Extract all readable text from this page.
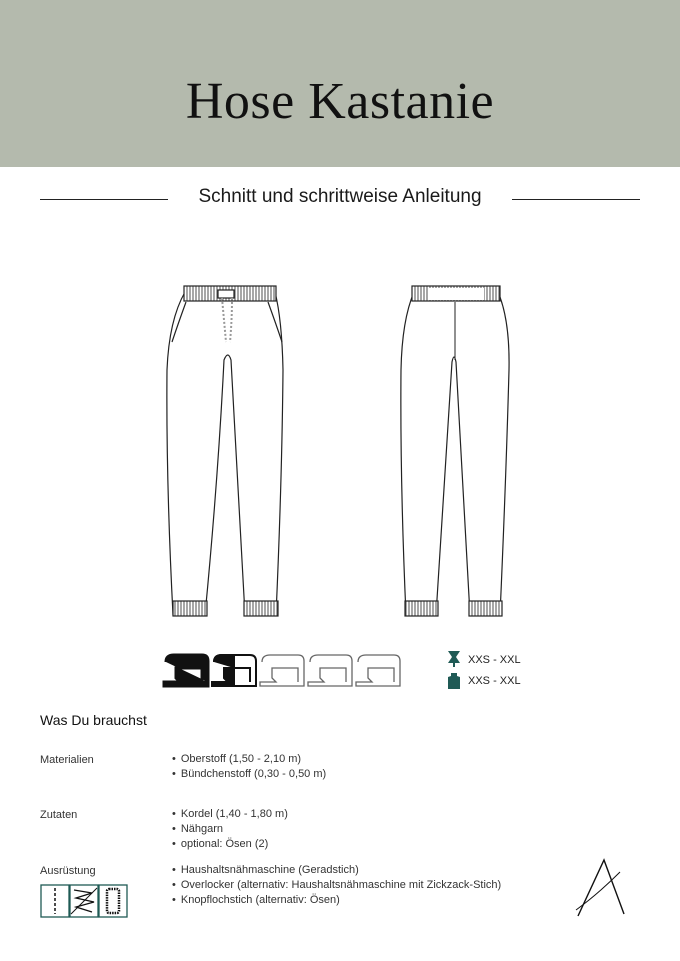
Hose Kastanie
Schnitt und schrittweise Anleitung
XXS - XXL
XXS - XXL
Was Du brauchst
Materialien	• Oberstoff (1,50 - 2,10 m)
• Bündchenstoff (0,30 - 0,50 m)
Zutaten	• Kordel (1,40 - 1,80 m)
• Nähgarn
• optional: Ösen (2)
Ausrüstung	• Haushaltsnähmaschine (Geradstich)
• Overlocker (alternativ: Haushaltsnähmaschine mit Zickzack-Stich)
• Knopflochstich (alternativ: Ösen)
